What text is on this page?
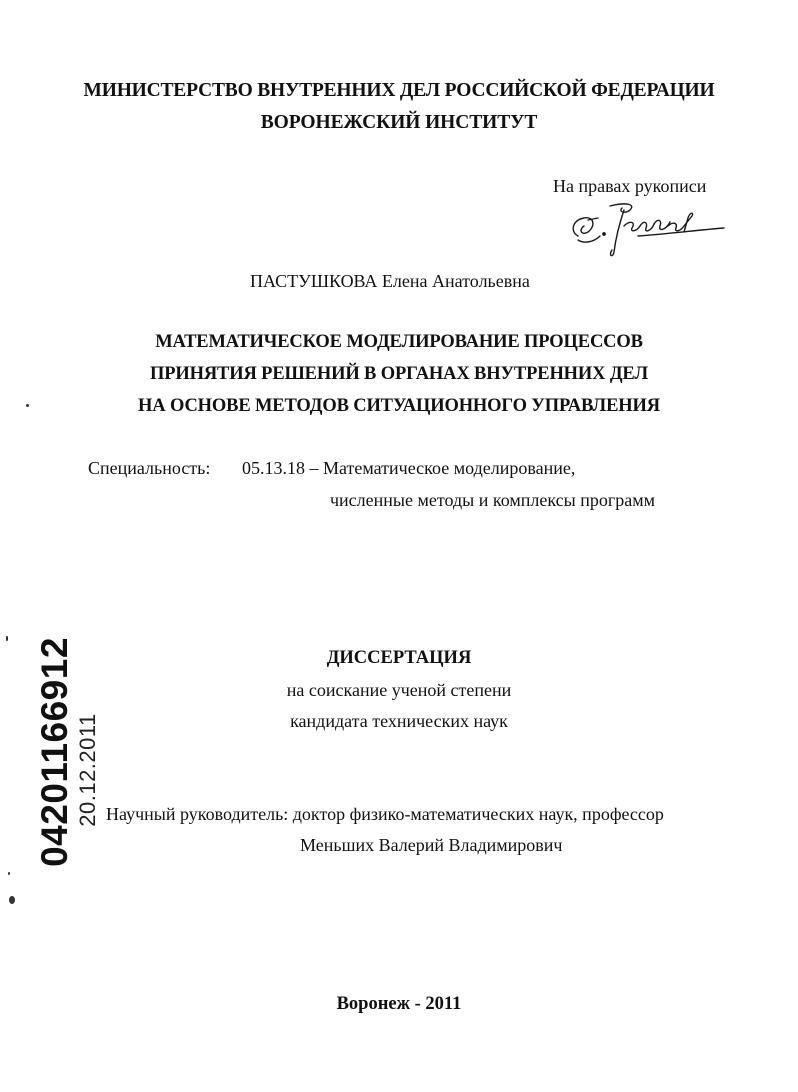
МИНИСТЕРСТВО ВНУТРЕННИХ ДЕЛ РОССИЙСКОЙ ФЕДЕРАЦИИ
ВОРОНЕЖСКИЙ ИНСТИТУТ
На правах рукописи
ПАСТУШКОВА Елена Анатольевна
МАТЕМАТИЧЕСКОЕ МОДЕЛИРОВАНИЕ ПРОЦЕССОВ
ПРИНЯТИЯ РЕШЕНИЙ В ОРГАНАХ ВНУТРЕННИХ ДЕЛ
НА ОСНОВЕ МЕТОДОВ СИТУАЦИОННОГО УПРАВЛЕНИЯ
Специальность: 05.13.18 – Математическое моделирование,
численные методы и комплексы программ
ДИССЕРТАЦИЯ
на соискание ученой степени
кандидата технических наук
Научный руководитель: доктор физико-математических наук, профессор
Меньших Валерий Владимирович
Воронеж - 2011
04201166912 20.12.2011
